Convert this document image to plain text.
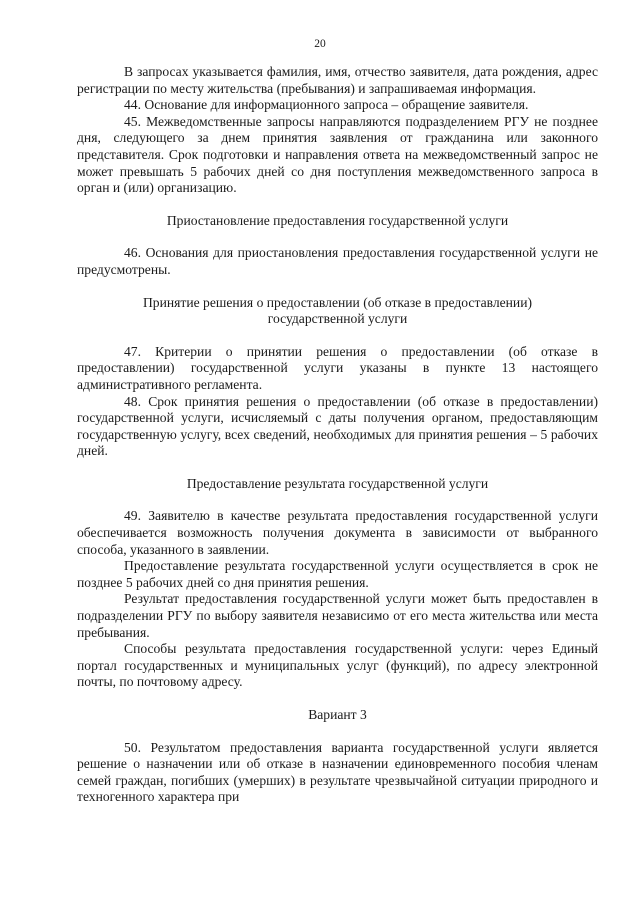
20

В запросах указывается фамилия, имя, отчество заявителя, дата рождения, адрес регистрации по месту жительства (пребывания) и запрашиваемая информация.

44. Основание для информационного запроса – обращение заявителя.

45. Межведомственные запросы направляются подразделением РГУ не позднее дня, следующего за днем принятия заявления от гражданина или законного представителя. Срок подготовки и направления ответа на межведомственный запрос не может превышать 5 рабочих дней со дня поступления межведомственного запроса в орган и (или) организацию.

Приостановление предоставления государственной услуги

46. Основания для приостановления предоставления государственной услуги не предусмотрены.

Принятие решения о предоставлении (об отказе в предоставлении)

государственной услуги

47. Критерии о принятии решения о предоставлении (об отказе в предоставлении) государственной услуги указаны в пункте 13 настоящего административного регламента.

48. Срок принятия решения о предоставлении (об отказе в предоставлении) государственной услуги, исчисляемый с даты получения органом, предоставляющим государственную услугу, всех сведений, необходимых для принятия решения – 5 рабочих дней.

Предоставление результата государственной услуги

49. Заявителю в качестве результата предоставления государственной услуги обеспечивается возможность получения документа в зависимости от выбранного способа, указанного в заявлении.

Предоставление результата государственной услуги осуществляется в срок не позднее 5 рабочих дней со дня принятия решения.

Результат предоставления государственной услуги может быть предоставлен в подразделении РГУ по выбору заявителя независимо от его места жительства или места пребывания.

Способы результата предоставления государственной услуги: через Единый портал государственных и муниципальных услуг (функций), по адресу электронной почты, по почтовому адресу.

Вариант 3

50. Результатом предоставления варианта государственной услуги является решение о назначении или об отказе в назначении единовременного пособия членам семей граждан, погибших (умерших) в результате чрезвычайной ситуации природного и техногенного характера при
